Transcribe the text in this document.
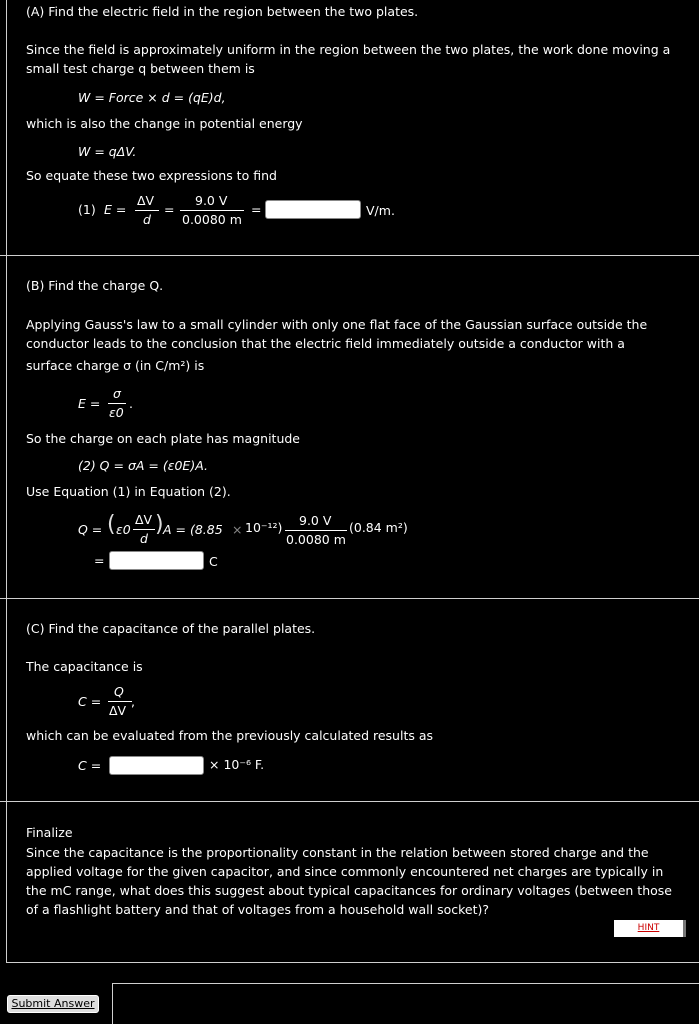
(A) Find the electric field in the region between the two plates.
Since the field is approximately uniform in the region between the two plates, the work done moving a small test charge q between them is
W = Force × d = (qE)d,
which is also the change in potential energy
W = qΔV.
So equate these two expressions to find
(1) E =
ΔV
d
=
9.0 V
0.0080 m
=	V/m.
(B) Find the charge Q.
Applying Gauss's law to a small cylinder with only one flat face of the Gaussian surface outside the conductor leads to the conclusion that the electric field immediately outside a conductor with a
surface charge σ (in C/m²) is
E =
σ
ε0
.
So the charge on each plate has magnitude
(2) Q = σA = (ε0E)A.
Use Equation (1) in Equation (2).
Q = ( ε0
ΔV
d
) A = (8.85 × 10⁻¹²) 9.0 V
0.0080 m
(0.84 m²)
=	C
(C) Find the capacitance of the parallel plates.
The capacitance is
C =
Q
ΔV
,
which can be evaluated from the previously calculated results as
C =	× 10⁻⁶ F.
Finalize
Since the capacitance is the proportionality constant in the relation between stored charge and the applied voltage for the given capacitor, and since commonly encountered net charges are typically in the mC range, what does this suggest about typical capacitances for ordinary voltages (between those of a flashlight battery and that of voltages from a household wall socket)?
HINT
Submit Answer
